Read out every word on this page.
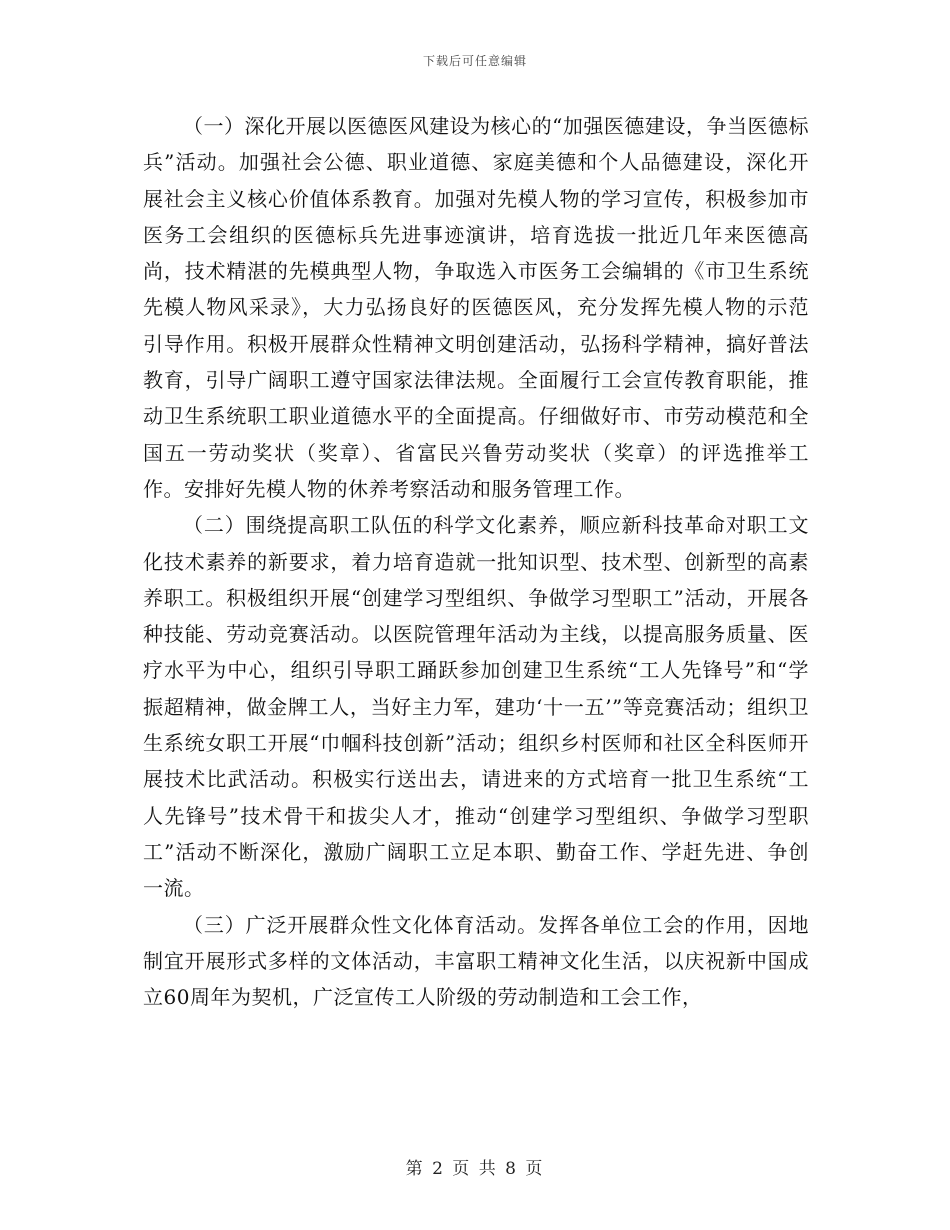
下载后可任意编辑

（一）深化开展以医德医风建设为核心的“加强医德建设，争当医德标兵”活动。加强社会公德、职业道德、家庭美德和个人品德建设，深化开展社会主义核心价值体系教育。加强对先模人物的学习宣传，积极参加市医务工会组织的医德标兵先进事迹演讲，培育选拔一批近几年来医德高尚，技术精湛的先模典型人物，争取选入市医务工会编辑的《市卫生系统先模人物风采录》，大力弘扬良好的医德医风，充分发挥先模人物的示范引导作用。积极开展群众性精神文明创建活动，弘扬科学精神，搞好普法教育，引导广阔职工遵守国家法律法规。全面履行工会宣传教育职能，推动卫生系统职工职业道德水平的全面提高。仔细做好市、市劳动模范和全国五一劳动奖状（奖章）、省富民兴鲁劳动奖状（奖章）的评选推举工作。安排好先模人物的休养考察活动和服务管理工作。

（二）围绕提高职工队伍的科学文化素养，顺应新科技革命对职工文化技术素养的新要求，着力培育造就一批知识型、技术型、创新型的高素养职工。积极组织开展“创建学习型组织、争做学习型职工”活动，开展各种技能、劳动竞赛活动。以医院管理年活动为主线，以提高服务质量、医疗水平为中心，组织引导职工踊跃参加创建卫生系统“工人先锋号”和“学振超精神，做金牌工人，当好主力军，建功‘十一五’”等竞赛活动；组织卫生系统女职工开展“巾帼科技创新”活动；组织乡村医师和社区全科医师开展技术比武活动。积极实行送出去，请进来的方式培育一批卫生系统“工人先锋号”技术骨干和拔尖人才，推动“创建学习型组织、争做学习型职工”活动不断深化，激励广阔职工立足本职、勤奋工作、学赶先进、争创一流。

（三）广泛开展群众性文化体育活动。发挥各单位工会的作用，因地制宜开展形式多样的文体活动，丰富职工精神文化生活，以庆祝新中国成立60周年为契机，广泛宣传工人阶级的劳动制造和工会工作，

第 2 页 共 8 页
